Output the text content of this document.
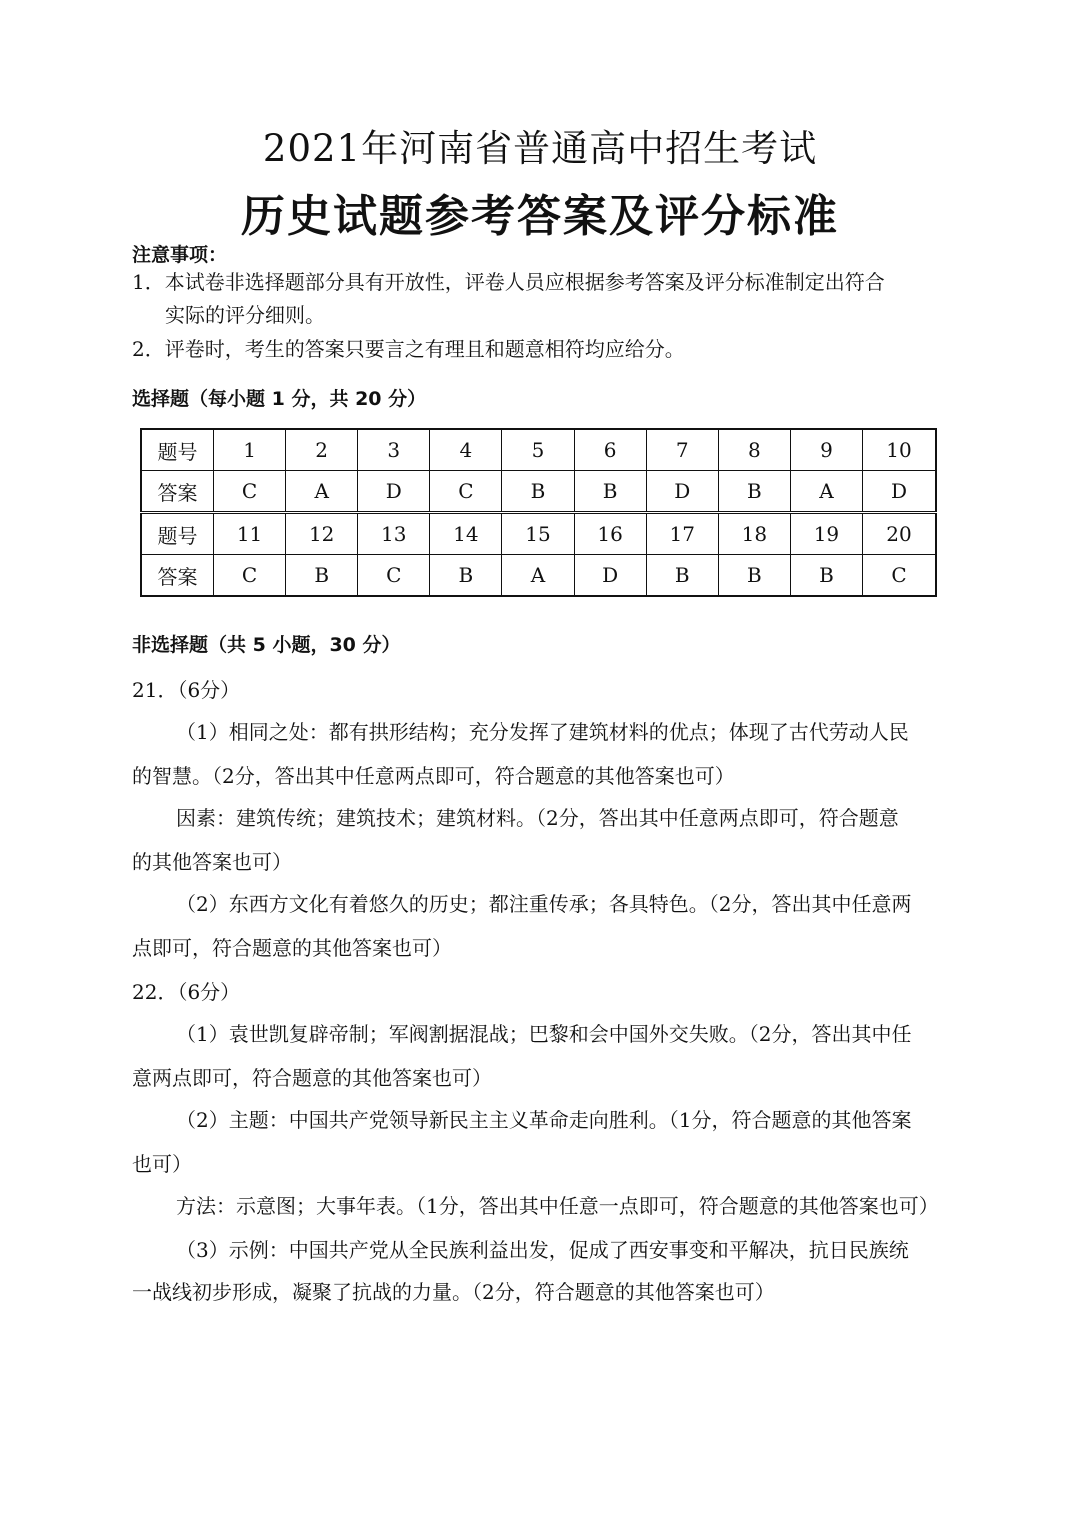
2021年河南省普通高中招生考试
历史试题参考答案及评分标准
注意事项：
1．本试卷非选择题部分具有开放性，评卷人员应根据参考答案及评分标准制定出符合
实际的评分细则。
2．评卷时，考生的答案只要言之有理且和题意相符均应给分。
选择题（每小题 1 分，共 20 分）
题号	1	2	3	4	5	6	7	8	9	10
答案	C	A	D	C	B	B	D	B	A	D
题号	11	12	13	14	15	16	17	18	19	20
答案	C	B	C	B	A	D	B	B	B	C
非选择题（共 5 小题，30 分）
21．（6分）
（1）相同之处：都有拱形结构；充分发挥了建筑材料的优点；体现了古代劳动人民
的智慧。（2分，答出其中任意两点即可，符合题意的其他答案也可）
因素：建筑传统；建筑技术；建筑材料。（2分，答出其中任意两点即可，符合题意
的其他答案也可）
（2）东西方文化有着悠久的历史；都注重传承；各具特色。（2分，答出其中任意两
点即可，符合题意的其他答案也可）
22．（6分）
（1）袁世凯复辟帝制；军阀割据混战；巴黎和会中国外交失败。（2分，答出其中任
意两点即可，符合题意的其他答案也可）
（2）主题：中国共产党领导新民主主义革命走向胜利。（1分，符合题意的其他答案
也可）
方法：示意图；大事年表。（1分，答出其中任意一点即可，符合题意的其他答案也可）
（3）示例：中国共产党从全民族利益出发，促成了西安事变和平解决，抗日民族统
一战线初步形成，凝聚了抗战的力量。（2分，符合题意的其他答案也可）
